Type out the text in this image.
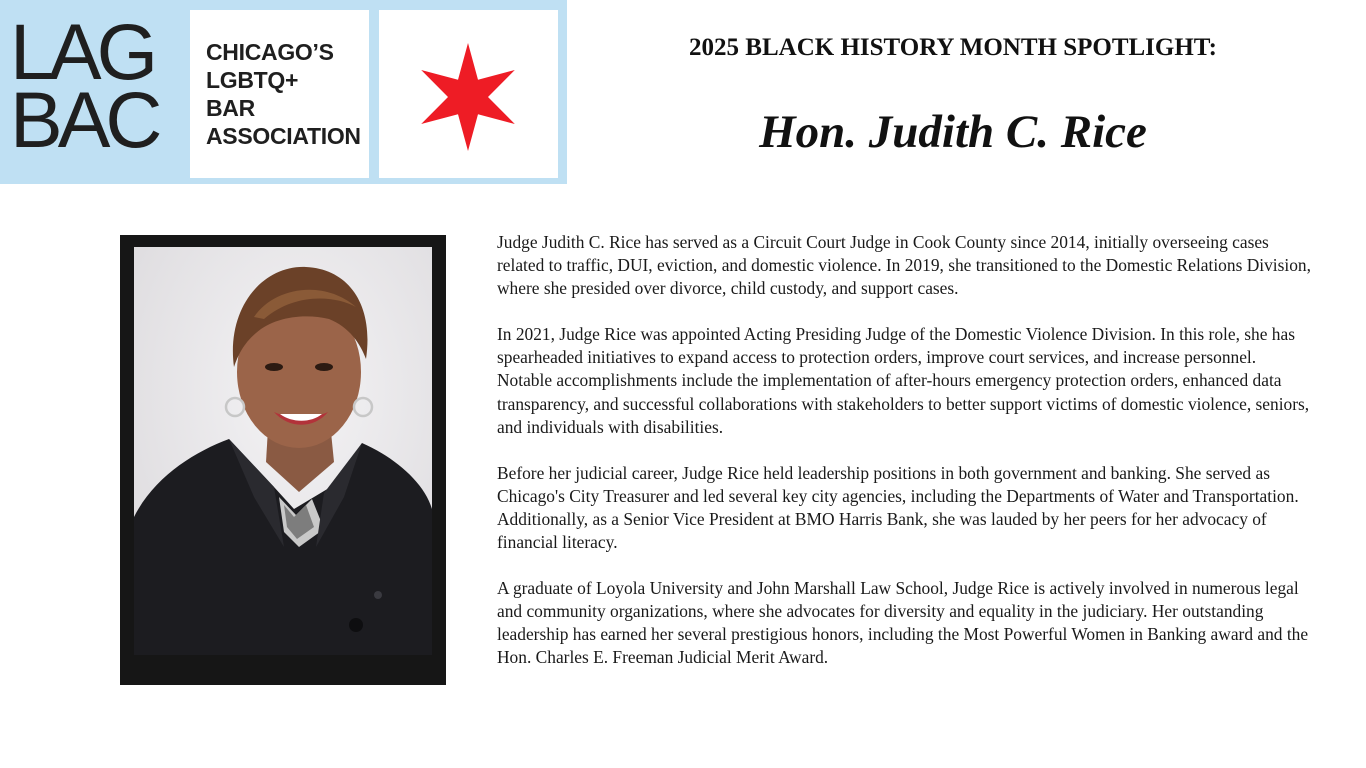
LAG
BAC
CHICAGO’S
LGBTQ+
BAR
ASSOCIATION
2025 BLACK HISTORY MONTH SPOTLIGHT:
Hon. Judith C. Rice

Judge Judith C. Rice has served as a Circuit Court Judge in Cook County since 2014, initially overseeing cases related to traffic, DUI, eviction, and domestic violence. In 2019, she transitioned to the Domestic Relations Division, where she presided over divorce, child custody, and support cases.

In 2021, Judge Rice was appointed Acting Presiding Judge of the Domestic Violence Division. In this role, she has spearheaded initiatives to expand access to protection orders, improve court services, and increase personnel. Notable accomplishments include the implementation of after-hours emergency protection orders, enhanced data transparency, and successful collaborations with stakeholders to better support victims of domestic violence, seniors, and individuals with disabilities.

Before her judicial career, Judge Rice held leadership positions in both government and banking. She served as Chicago's City Treasurer and led several key city agencies, including the Departments of Water and Transportation. Additionally, as a Senior Vice President at BMO Harris Bank, she was lauded by her peers for her advocacy of financial literacy.

A graduate of Loyola University and John Marshall Law School, Judge Rice is actively involved in numerous legal and community organizations, where she advocates for diversity and equality in the judiciary. Her outstanding leadership has earned her several prestigious honors, including the Most Powerful Women in Banking award and the Hon. Charles E. Freeman Judicial Merit Award.
